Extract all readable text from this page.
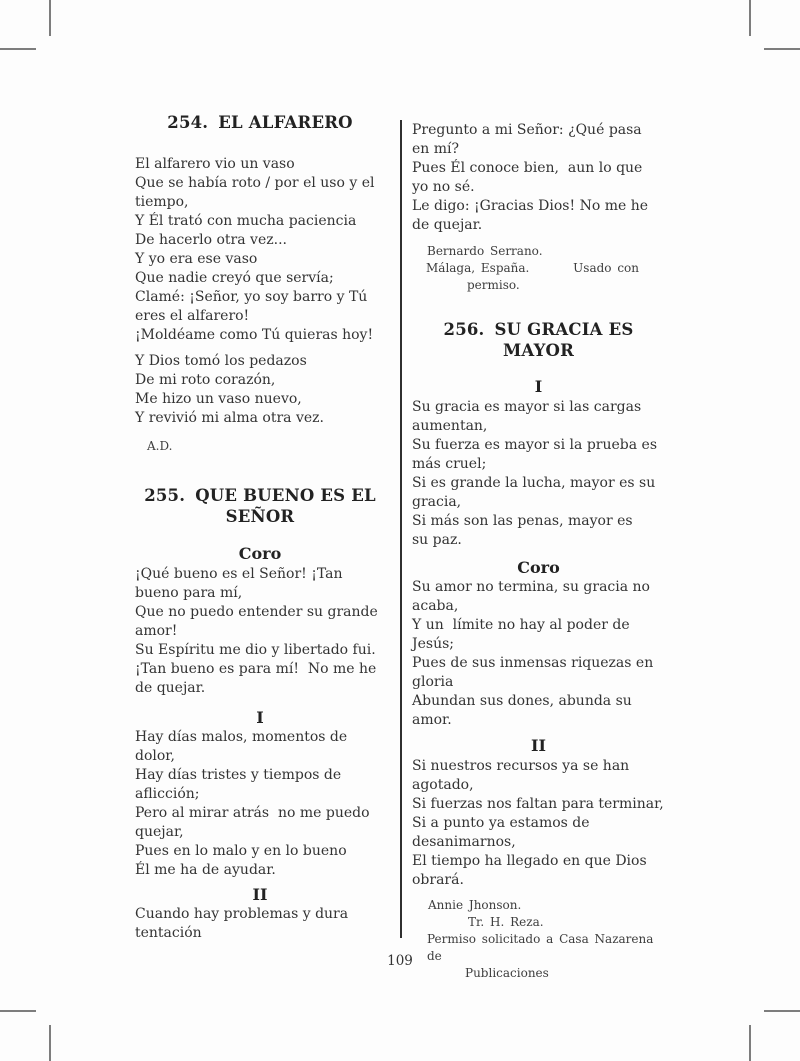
254. EL ALFARERO
El alfarero vio un vaso
Que se había roto / por el uso y el
tiempo,
Y Él trató con mucha paciencia
De hacerlo otra vez...
Y yo era ese vaso
Que nadie creyó que servía;
Clamé: ¡Señor, yo soy barro y Tú
eres el alfarero!
¡Moldéame como Tú quieras hoy!
Y Dios tomó los pedazos
De mi roto corazón,
Me hizo un vaso nuevo,
Y revivió mi alma otra vez.
A.D.
255. QUE BUENO ES EL SEÑOR
Coro
¡Qué bueno es el Señor! ¡Tan
bueno para mí,
Que no puedo entender su grande
amor!
Su Espíritu me dio y libertado fui.
¡Tan bueno es para mí!  No me he
de quejar.
I
Hay días malos, momentos de
dolor,
Hay días tristes y tiempos de
aflicción;
Pero al mirar atrás  no me puedo
quejar,
Pues en lo malo y en lo bueno
Él me ha de ayudar.
II
Cuando hay problemas y dura
tentación
Pregunto a mi Señor: ¿Qué pasa
en mí?
Pues Él conoce bien,  aun lo que
yo no sé.
Le digo: ¡Gracias Dios! No me he
de quejar.
Bernardo Serrano.
Málaga, España.	Usado con
permiso.
256. SU GRACIA ES MAYOR
I
Su gracia es mayor si las cargas
aumentan,
Su fuerza es mayor si la prueba es
más cruel;
Si es grande la lucha, mayor es su
gracia,
Si más son las penas, mayor es
su paz.
Coro
Su amor no termina, su gracia no
acaba,
Y un  límite no hay al poder de
Jesús;
Pues de sus inmensas riquezas en
gloria
Abundan sus dones, abunda su
amor.
II
Si nuestros recursos ya se han
agotado,
Si fuerzas nos faltan para terminar,
Si a punto ya estamos de
desanimarnos,
El tiempo ha llegado en que Dios
obrará.
Annie Jhonson.
Tr. H. Reza.
Permiso solicitado a Casa Nazarena de
Publicaciones
109
